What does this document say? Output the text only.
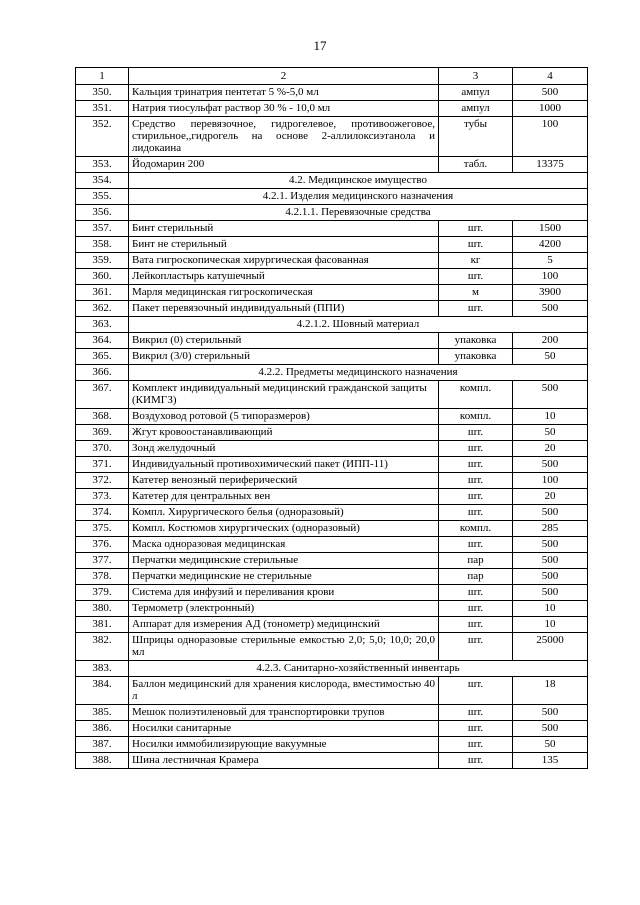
17
1	2	3	4
350.	Кальция тринатрия пентетат 5 %-5,0 мл	ампул	500
351.	Натрия тиосульфат раствор 30 % - 10,0 мл	ампул	1000
352.	Средство перевязочное, гидрогелевое, противоожеговое, стирильное,,гидрогель на основе 2-аллилоксиэтанола и лидокаина	тубы	100
353.	Йодомарин 200	табл.	13375
354.	4.2. Медицинское имущество		
355.	4.2.1. Изделия медицинского назначения		
356.	4.2.1.1. Перевязочные средства		
357.	Бинт стерильный	шт.	1500
358.	Бинт не стерильный	шт.	4200
359.	Вата гигроскопическая хирургическая фасованная	кг	5
360.	Лейкопластырь катушечный	шт.	100
361.	Марля медицинская гигроскопическая	м	3900
362.	Пакет перевязочный индивидуальный (ППИ)	шт.	500
363.	4.2.1.2. Шовный материал		
364.	Викрил (0) стерильный	упаковка	200
365.	Викрил (3/0) стерильный	упаковка	50
366.	4.2.2. Предметы медицинского назначения		
367.	Комплект индивидуальный медицинский гражданской защиты (КИМГЗ)	компл.	500
368.	Воздуховод ротовой (5 типоразмеров)	компл.	10
369.	Жгут кровоостанавливающий	шт.	50
370.	Зонд желудочный	шт.	20
371.	Индивидуальный противохимический пакет (ИПП-11)	шт.	500
372.	Катетер венозный периферический	шт.	100
373.	Катетер для центральных вен	шт.	20
374.	Компл. Хирургического белья (одноразовый)	шт.	500
375.	Компл. Костюмов хирургических (одноразовый)	компл.	285
376.	Маска одноразовая медицинская	шт.	500
377.	Перчатки медицинские стерильные	пар	500
378.	Перчатки медицинские не стерильные	пар	500
379.	Система для инфузий и переливания крови	шт.	500
380.	Термометр (электронный)	шт.	10
381.	Аппарат для измерения АД (тонометр) медицинский	шт.	10
382.	Шприцы одноразовые стерильные емкостью 2,0; 5,0; 10,0; 20,0 мл	шт.	25000
383.	4.2.3. Санитарно-хозяйственный инвентарь		
384.	Баллон медицинский для хранения кислорода, вместимостью 40 л	шт.	18
385.	Мешок полиэтиленовый для транспортировки трупов	шт.	500
386.	Носилки санитарные	шт.	500
387.	Носилки иммобилизирующие вакуумные	шт.	50
388.	Шина лестничная Крамера	шт.	135
